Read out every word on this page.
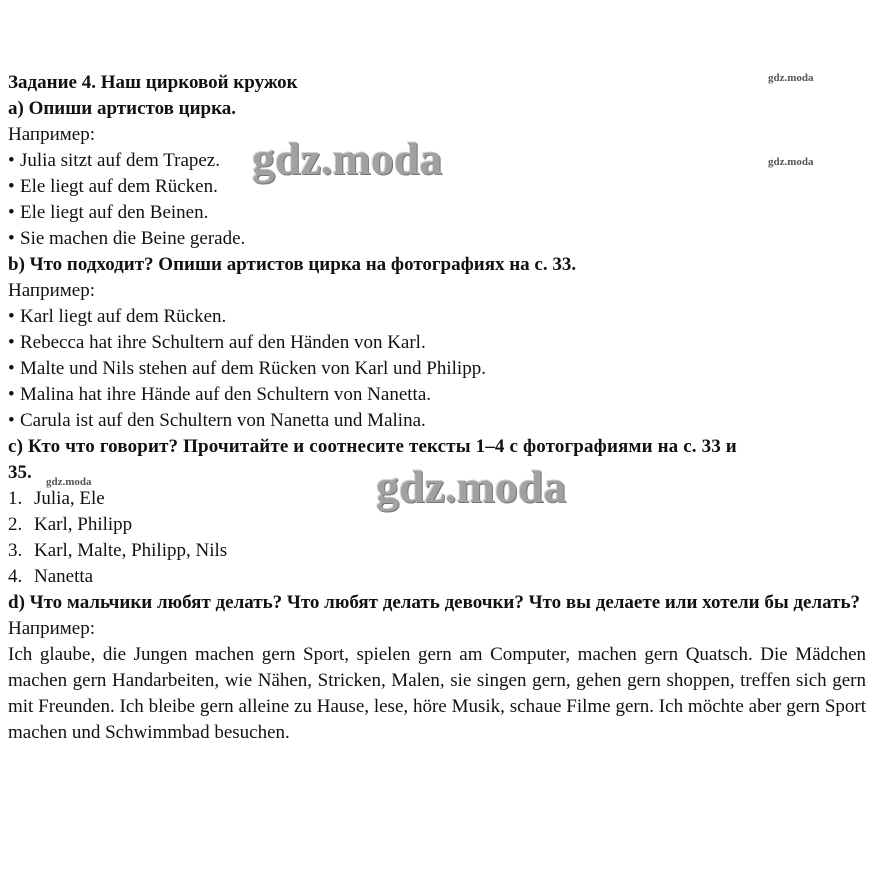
Задание 4. Наш цирковой кружок
а) Опиши артистов цирка.
Например:
• Julia sitzt auf dem Trapez.
• Ele liegt auf dem Rücken.
• Ele liegt auf den Beinen.
• Sie machen die Beine gerade.
b) Что подходит? Опиши артистов цирка на фотографиях на с. 33.
Например:
• Karl liegt auf dem Rücken.
• Rebecca hat ihre Schultern auf den Händen von Karl.
• Malte und Nils stehen auf dem Rücken von Karl und Philipp.
• Malina hat ihre Hände auf den Schultern von Nanetta.
• Carula ist auf den Schultern von Nanetta und Malina.
с) Кто что говорит? Прочитайте и соотнесите тексты 1–4 с фотографиями на с. 33 и
35.
1. Julia, Ele
2. Karl, Philipp
3. Karl, Malte, Philipp, Nils
4. Nanetta
d) Что мальчики любят делать? Что любят делать девочки? Что вы делаете или хотели бы делать?
Например:
Ich glaube, die Jungen machen gern Sport, spielen gern am Computer, machen gern Quatsch. Die Mädchen machen gern Handarbeiten, wie Nähen, Stricken, Malen, sie singen gern, gehen gern shoppen, treffen sich gern mit Freunden. Ich bleibe gern alleine zu Hause, lese, höre Musik, schaue Filme gern. Ich möchte aber gern Sport machen und Schwimmbad besuchen.
gdz.moda
gdz.moda
gdz.moda
gdz.moda
gdz.moda
